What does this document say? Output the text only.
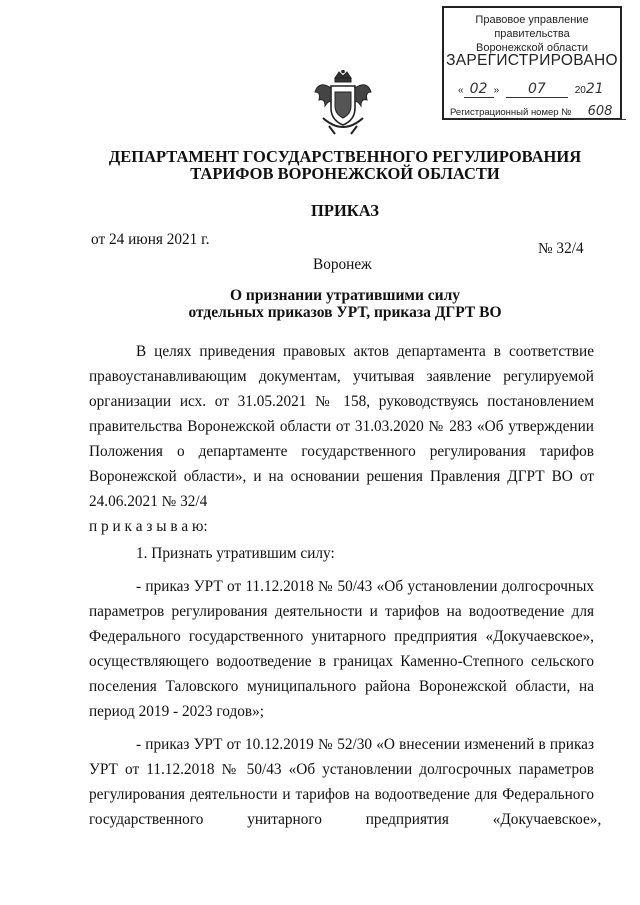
Правовое управление правительства
Воронежской области
ЗАРЕГИСТРИРОВАНО
« 02 » 07	2021
Регистрационный номер № 608
ДЕПАРТАМЕНТ ГОСУДАРСТВЕННОГО РЕГУЛИРОВАНИЯ
ТАРИФОВ ВОРОНЕЖСКОЙ ОБЛАСТИ
ПРИКАЗ
от 24 июня 2021 г.
№ 32/4
Воронеж
О признании утратившими силу
отдельных приказов УРТ, приказа ДГРТ ВО
В целях приведения правовых актов департамента в соответствие
правоустанавливающим документам, учитывая заявление регулируемой
организации исх. от 31.05.2021 № 158, руководствуясь постановлением
правительства Воронежской области от 31.03.2020 № 283 «Об утверждении
Положения о департаменте государственного регулирования тарифов
Воронежской области», и на основании решения Правления ДГРТ ВО от
24.06.2021 № 32/4
п р и к а з ы в а ю:
1. Признать утратившим силу:
- приказ УРТ от 11.12.2018 № 50/43 «Об установлении долгосрочных
параметров регулирования деятельности и тарифов на водоотведение для
Федерального государственного унитарного предприятия «Докучаевское»,
осуществляющего водоотведение в границах Каменно-Степного сельского
поселения Таловского муниципального района Воронежской области, на
период 2019 - 2023 годов»;
- приказ УРТ от 10.12.2019 № 52/30 «О внесении изменений в приказ
УРТ от 11.12.2018 № 50/43 «Об установлении долгосрочных параметров
регулирования деятельности и тарифов на водоотведение для Федерального
государственного унитарного предприятия «Докучаевское»,
